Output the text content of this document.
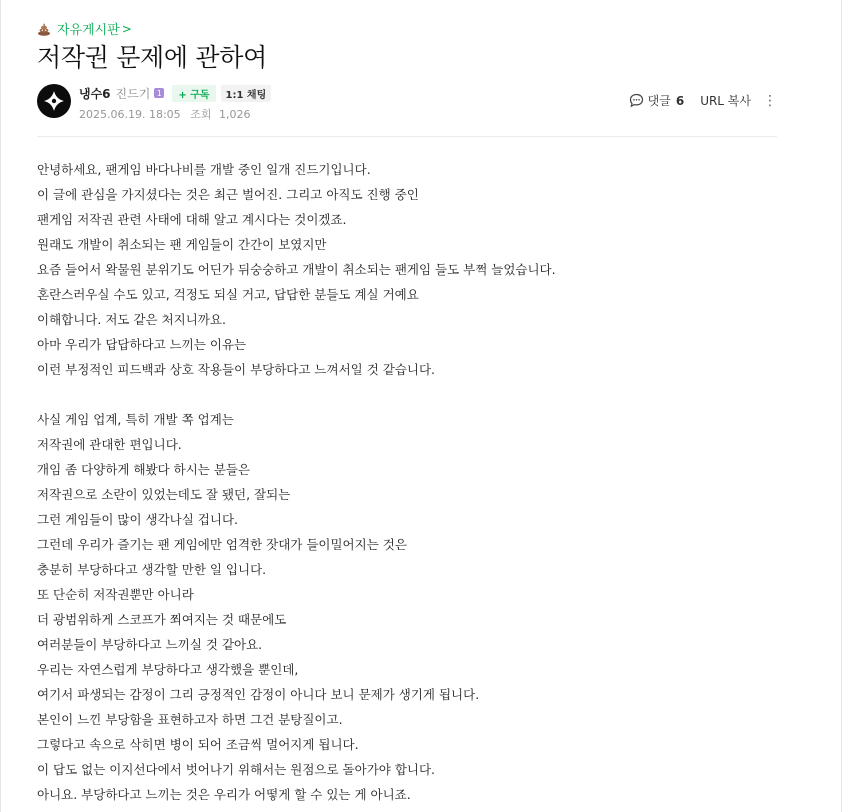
자유게시판 >
저작권 문제에 관하여
냉수6 진드기 1	+ 구독	1:1 채팅
2025.06.19. 18:05 조회 1,026
댓글 6 URL 복사 ⋮

안녕하세요, 팬게임 바다나비를 개발 중인 일개 진드기입니다.

이 글에 관심을 가지셨다는 것은 최근 벌어진. 그리고 아직도 진행 중인

팬게임 저작권 관련 사태에 대해 알고 계시다는 것이겠죠.

원래도 개발이 취소되는 팬 게임들이 간간이 보였지만

요즘 들어서 왁물원 분위기도 어딘가 뒤숭숭하고 개발이 취소되는 팬게임 들도 부쩍 늘었습니다.

혼란스러우실 수도 있고, 걱정도 되실 거고, 답답한 분들도 계실 거예요

이해합니다. 저도 같은 처지니까요.

아마 우리가 답답하다고 느끼는 이유는

이런 부정적인 피드백과 상호 작용들이 부당하다고 느껴서일 것 같습니다.

사실 게임 업계, 특히 개발 쪽 업계는

저작권에 관대한 편입니다.

개임 좀 다양하게 해봤다 하시는 분들은

저작권으로 소란이 있었는데도 잘 됐던, 잘되는

그런 게임들이 많이 생각나실 겁니다.

그런데 우리가 즐기는 팬 게임에만 엄격한 잣대가 들이밀어지는 것은

충분히 부당하다고 생각할 만한 일 입니다.

또 단순히 저작권뿐만 아니라

더 광범위하게 스코프가 쬐여지는 것 때문에도

여러분들이 부당하다고 느끼실 것 같아요.

우리는 자연스럽게 부당하다고 생각했을 뿐인데,

여기서 파생되는 감정이 그리 긍정적인 감정이 아니다 보니 문제가 생기게 됩니다.

본인이 느낀 부당함을 표현하고자 하면 그건 분탕질이고.

그렇다고 속으로 삭히면 병이 되어 조금씩 멀어지게 됩니다.

이 답도 없는 이지선다에서 벗어나기 위해서는 원점으로 돌아가야 합니다.

아니요. 부당하다고 느끼는 것은 우리가 어떻게 할 수 있는 게 아니죠.
